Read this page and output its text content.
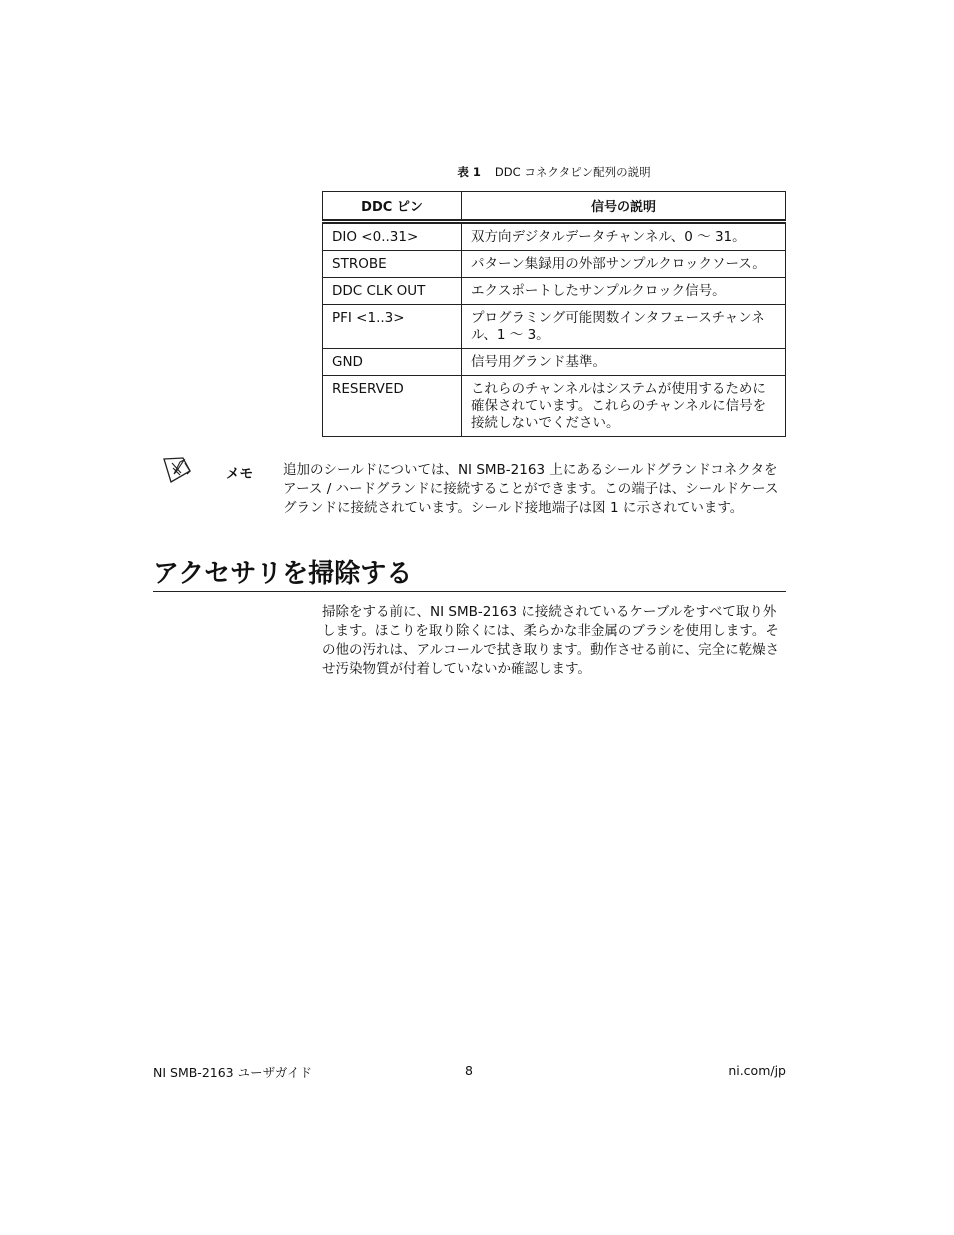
表 1 DDC コネクタピン配列の説明
DDC ピン	信号の説明
DIO <0..31>	双方向デジタルデータチャンネル、0 〜 31。
STROBE	パターン集録用の外部サンプルクロックソース。
DDC CLK OUT	エクスポートしたサンプルクロック信号。
PFI <1..3>	プログラミング可能関数インタフェースチャンネル、1 〜 3。
GND	信号用グランド基準。
RESERVED	これらのチャンネルはシステムが使用するために確保されています。これらのチャンネルに信号を接続しないでください。
メモ 追加のシールドについては、NI SMB-2163 上にあるシールドグランドコネクタをアース / ハードグランドに接続することができます。この端子は、シールドケースグランドに接続されています。シールド接地端子は図 1 に示されています。
アクセサリを掃除する
掃除をする前に、NI SMB-2163 に接続されているケーブルをすべて取り外します。ほこりを取り除くには、柔らかな非金属のブラシを使用します。その他の汚れは、アルコールで拭き取ります。動作させる前に、完全に乾燥させ汚染物質が付着していないか確認します。
NI SMB-2163 ユーザガイド	8	ni.com/jp
